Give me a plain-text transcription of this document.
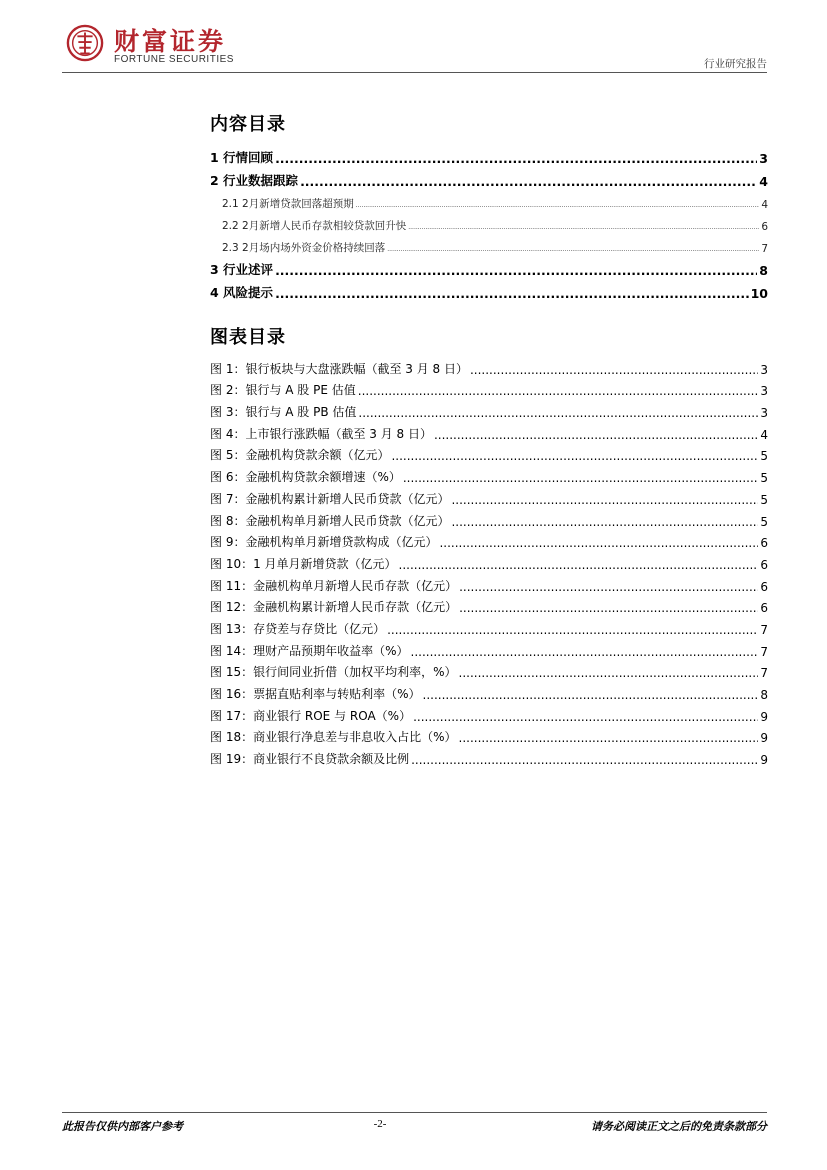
财富证券
FORTUNE SECURITIES	行业研究报告
内容目录
1 行情回顾 .....	3
2 行业数据跟踪 .....	4
2.1 2月新增贷款回落超预期 .....	4
2.2 2月新增人民币存款相较贷款回升快 .....	6
2.3 2月场内场外资金价格持续回落 .....	7
3 行业述评 .....	8
4 风险提示 .....	10
图表目录
图 1：银行板块与大盘涨跌幅（截至 3 月 8 日） .....	3
图 2：银行与 A 股 PE 估值 .....	3
图 3：银行与 A 股 PB 估值 .....	3
图 4：上市银行涨跌幅（截至 3 月 8 日） .....	4
图 5：金融机构贷款余额（亿元） .....	5
图 6：金融机构贷款余额增速（%） .....	5
图 7：金融机构累计新增人民币贷款（亿元） .....	5
图 8：金融机构单月新增人民币贷款（亿元） .....	5
图 9：金融机构单月新增贷款构成（亿元） .....	6
图 10：1 月单月新增贷款（亿元） .....	6
图 11：金融机构单月新增人民币存款（亿元） .....	6
图 12：金融机构累计新增人民币存款（亿元） .....	6
图 13：存贷差与存贷比（亿元） .....	7
图 14：理财产品预期年收益率（%） .....	7
图 15：银行间同业折借（加权平均利率，%） .....	7
图 16：票据直贴利率与转贴利率（%） .....	8
图 17：商业银行 ROE 与 ROA（%） .....	9
图 18：商业银行净息差与非息收入占比（%） .....	9
图 19：商业银行不良贷款余额及比例 .....	9
此报告仅供内部客户参考	-2-	请务必阅读正文之后的免责条款部分
